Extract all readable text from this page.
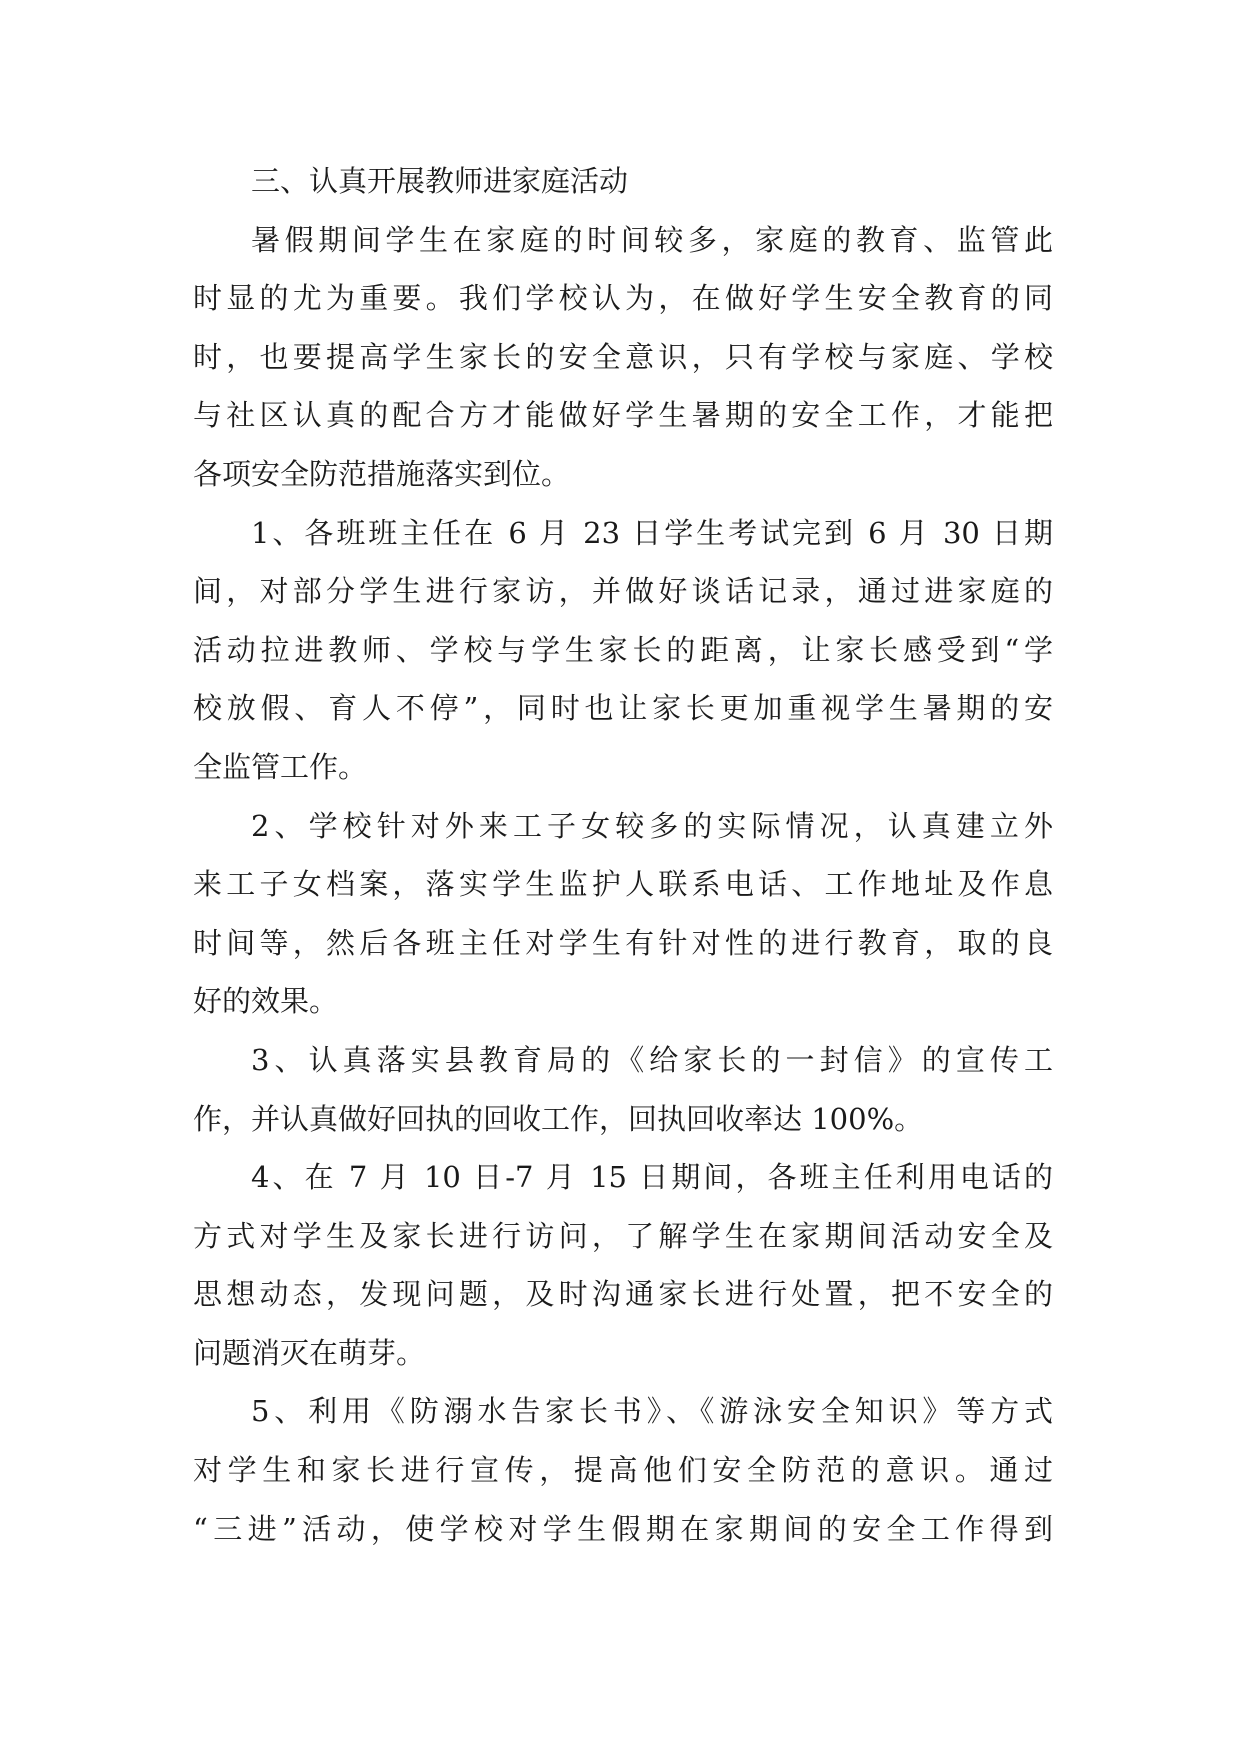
三、认真开展教师进家庭活动
暑假期间学生在家庭的时间较多，家庭的教育、监管此
时显的尤为重要。我们学校认为，在做好学生安全教育的同
时，也要提高学生家长的安全意识，只有学校与家庭、学校
与社区认真的配合方才能做好学生暑期的安全工作，才能把
各项安全防范措施落实到位。
1、各班班主任在 6 月 23 日学生考试完到 6 月 30 日期
间，对部分学生进行家访，并做好谈话记录，通过进家庭的
活动拉进教师、学校与学生家长的距离，让家长感受到“学
校放假、育人不停”，同时也让家长更加重视学生暑期的安
全监管工作。
2、学校针对外来工子女较多的实际情况，认真建立外
来工子女档案，落实学生监护人联系电话、工作地址及作息
时间等，然后各班主任对学生有针对性的进行教育，取的良
好的效果。
3、认真落实县教育局的《给家长的一封信》的宣传工
作，并认真做好回执的回收工作，回执回收率达 100%。
4、在 7 月 10 日-7 月 15 日期间，各班主任利用电话的
方式对学生及家长进行访问，了解学生在家期间活动安全及
思想动态，发现问题，及时沟通家长进行处置，把不安全的
问题消灭在萌芽。
5、利用《防溺水告家长书》、《游泳安全知识》等方式
对学生和家长进行宣传，提高他们安全防范的意识。通过
“三进”活动，使学校对学生假期在家期间的安全工作得到
